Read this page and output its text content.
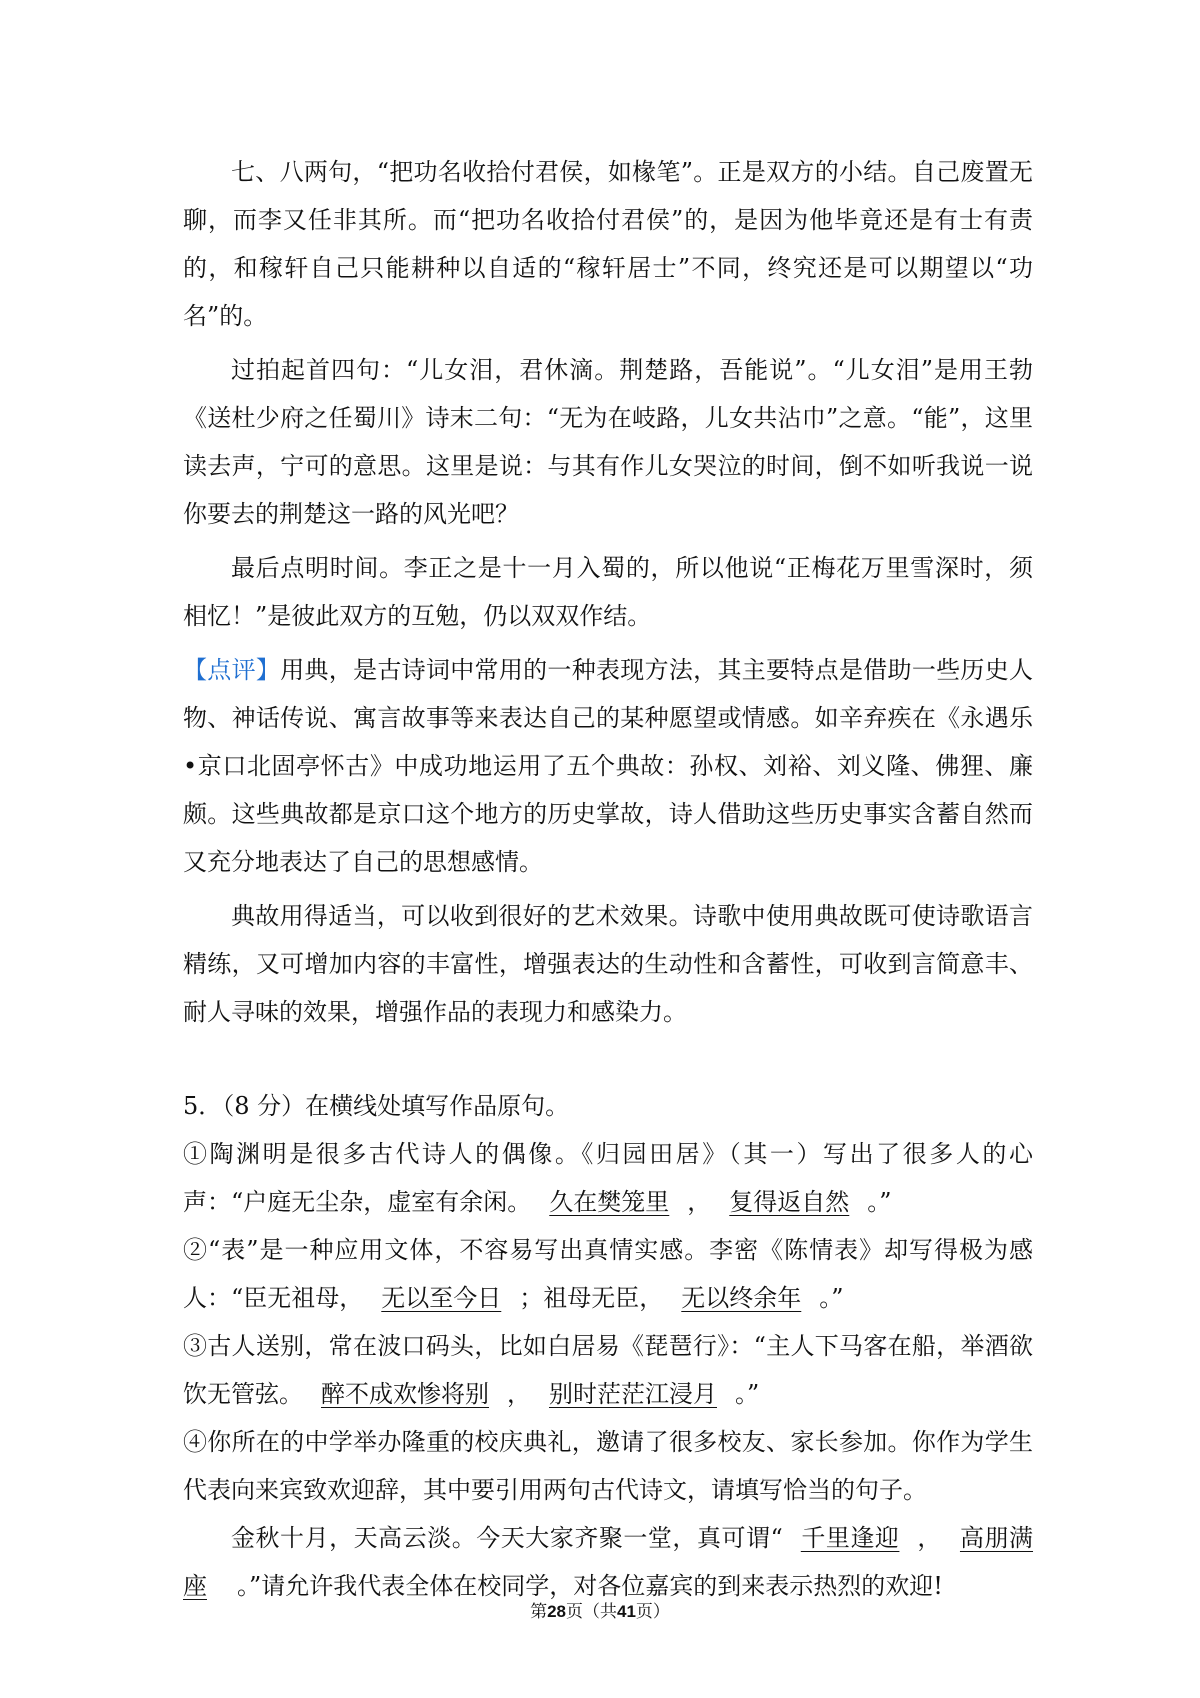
七、八两句，“把功名收拾付君侯，如椽笔”。正是双方的小结。自己废置无聊，而李又任非其所。而“把功名收拾付君侯”的，是因为他毕竟还是有士有责的，和稼轩自己只能耕种以自适的“稼轩居士”不同，终究还是可以期望以“功名”的。

过拍起首四句：“儿女泪，君休滴。荆楚路，吾能说”。“儿女泪”是用王勃《送杜少府之任蜀川》诗末二句：“无为在岐路，儿女共沾巾”之意。“能”，这里读去声，宁可的意思。这里是说：与其有作儿女哭泣的时间，倒不如听我说一说你要去的荆楚这一路的风光吧？

最后点明时间。李正之是十一月入蜀的，所以他说“正梅花万里雪深时，须相忆！”是彼此双方的互勉，仍以双双作结。

【点评】用典，是古诗词中常用的一种表现方法，其主要特点是借助一些历史人物、神话传说、寓言故事等来表达自己的某种愿望或情感。如辛弃疾在《永遇乐•京口北固亭怀古》中成功地运用了五个典故：孙权、刘裕、刘义隆、佛狸、廉颇。这些典故都是京口这个地方的历史掌故，诗人借助这些历史事实含蓄自然而又充分地表达了自己的思想感情。

典故用得适当，可以收到很好的艺术效果。诗歌中使用典故既可使诗歌语言精练，又可增加内容的丰富性，增强表达的生动性和含蓄性，可收到言简意丰、耐人寻味的效果，增强作品的表现力和感染力。

5．（8 分）在横线处填写作品原句。

①陶渊明是很多古代诗人的偶像。《归园田居》（其一）写出了很多人的心声：“户庭无尘杂，虚室有余闲。 久在樊笼里 ， 复得返自然 。”

②“表”是一种应用文体，不容易写出真情实感。李密《陈情表》却写得极为感人：“臣无祖母， 无以至今日 ；祖母无臣， 无以终余年 。”

③古人送别，常在波口码头，比如白居易《琵琶行》：“主人下马客在船，举酒欲饮无管弦。 醉不成欢惨将别 ， 别时茫茫江浸月 。”

④你所在的中学举办隆重的校庆典礼，邀请了很多校友、家长参加。你作为学生代表向来宾致欢迎辞，其中要引用两句古代诗文，请填写恰当的句子。

金秋十月，天高云淡。今天大家齐聚一堂，真可谓“ 千里逢迎 ， 高朋满座 。”请允许我代表全体在校同学，对各位嘉宾的到来表示热烈的欢迎!

第28页（共41页）
